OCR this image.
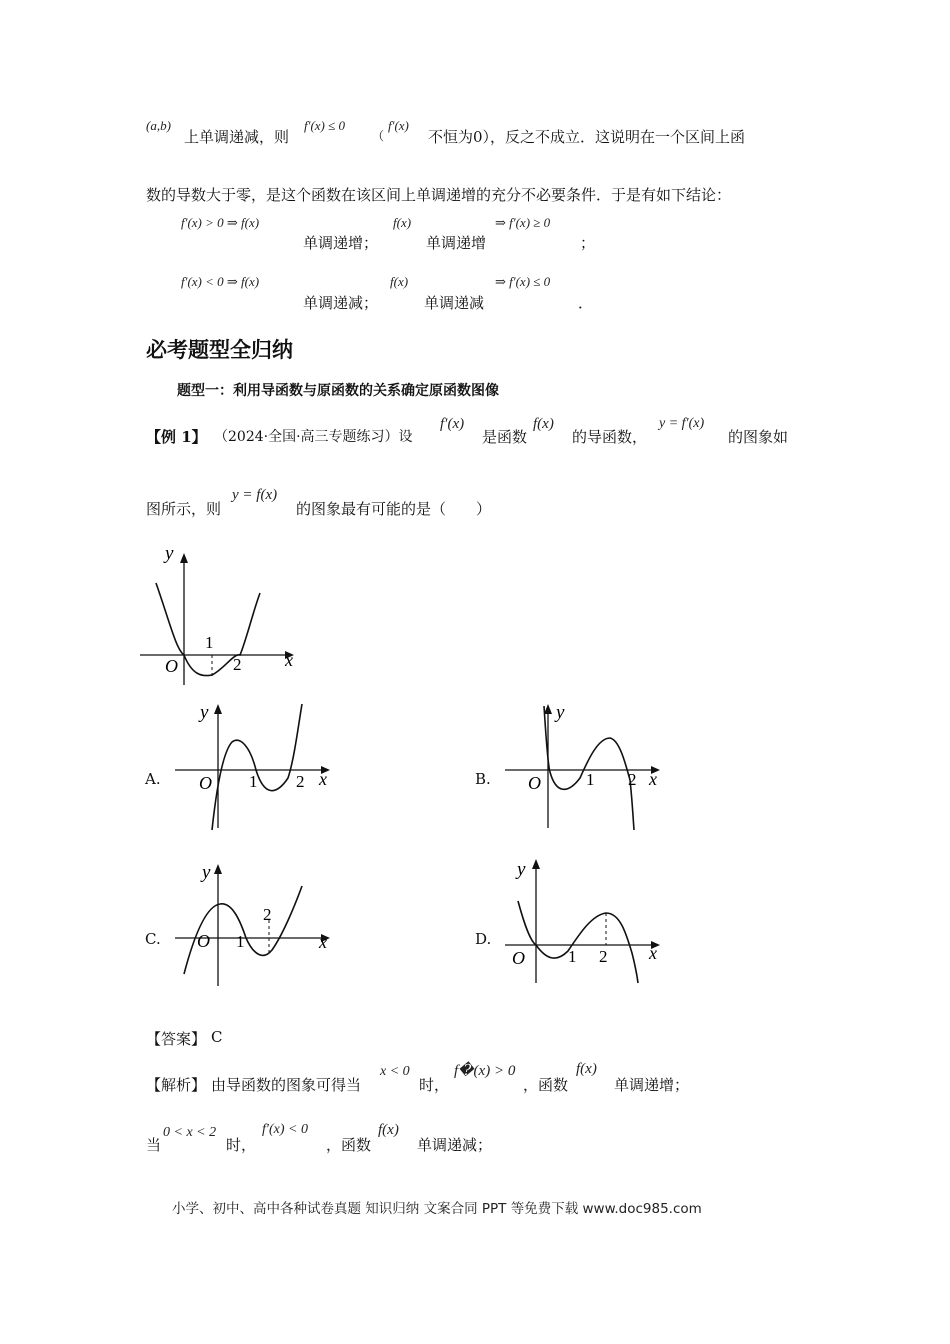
(a,b)
上单调递减，则
f′(x) ≤ 0
（
f′(x)
不恒为0），反之不成立．这说明在一个区间上函
数的导数大于零，是这个函数在该区间上单调递增的充分不必要条件．于是有如下结论：
f′(x) > 0 ⇒ f(x)
单调递增；
f(x)
单调递增
⇒ f′(x) ≥ 0
；
f′(x) < 0 ⇒ f(x)
单调递减；
f(x)
单调递减
⇒ f′(x) ≤ 0
．
必考题型全归纳
题型一：利用导函数与原函数的关系确定原函数图像
【例 1】 （2024·全国·高三专题练习）设
f′(x)
是函数
f(x)
的导函数，
y = f′(x)
的图象如
图所示，则
y = f(x)
的图象最有可能的是（　　）
y
x
O
1
2
A.
y
x
O 1 2	B.
y
x
O	1 2
C.
y
x
O 1
2
D.
y
x
O	1 2
【答案】 C
【解析】 由导函数的图象可得当
x < 0
时，
f�(x) > 0
，函数
f(x)
单调递增；
当
0 < x < 2
时，
f′(x) < 0
，函数
f(x)
单调递减；
小学、初中、高中各种试卷真题 知识归纳 文案合同 PPT 等免费下载 www.doc985.com
